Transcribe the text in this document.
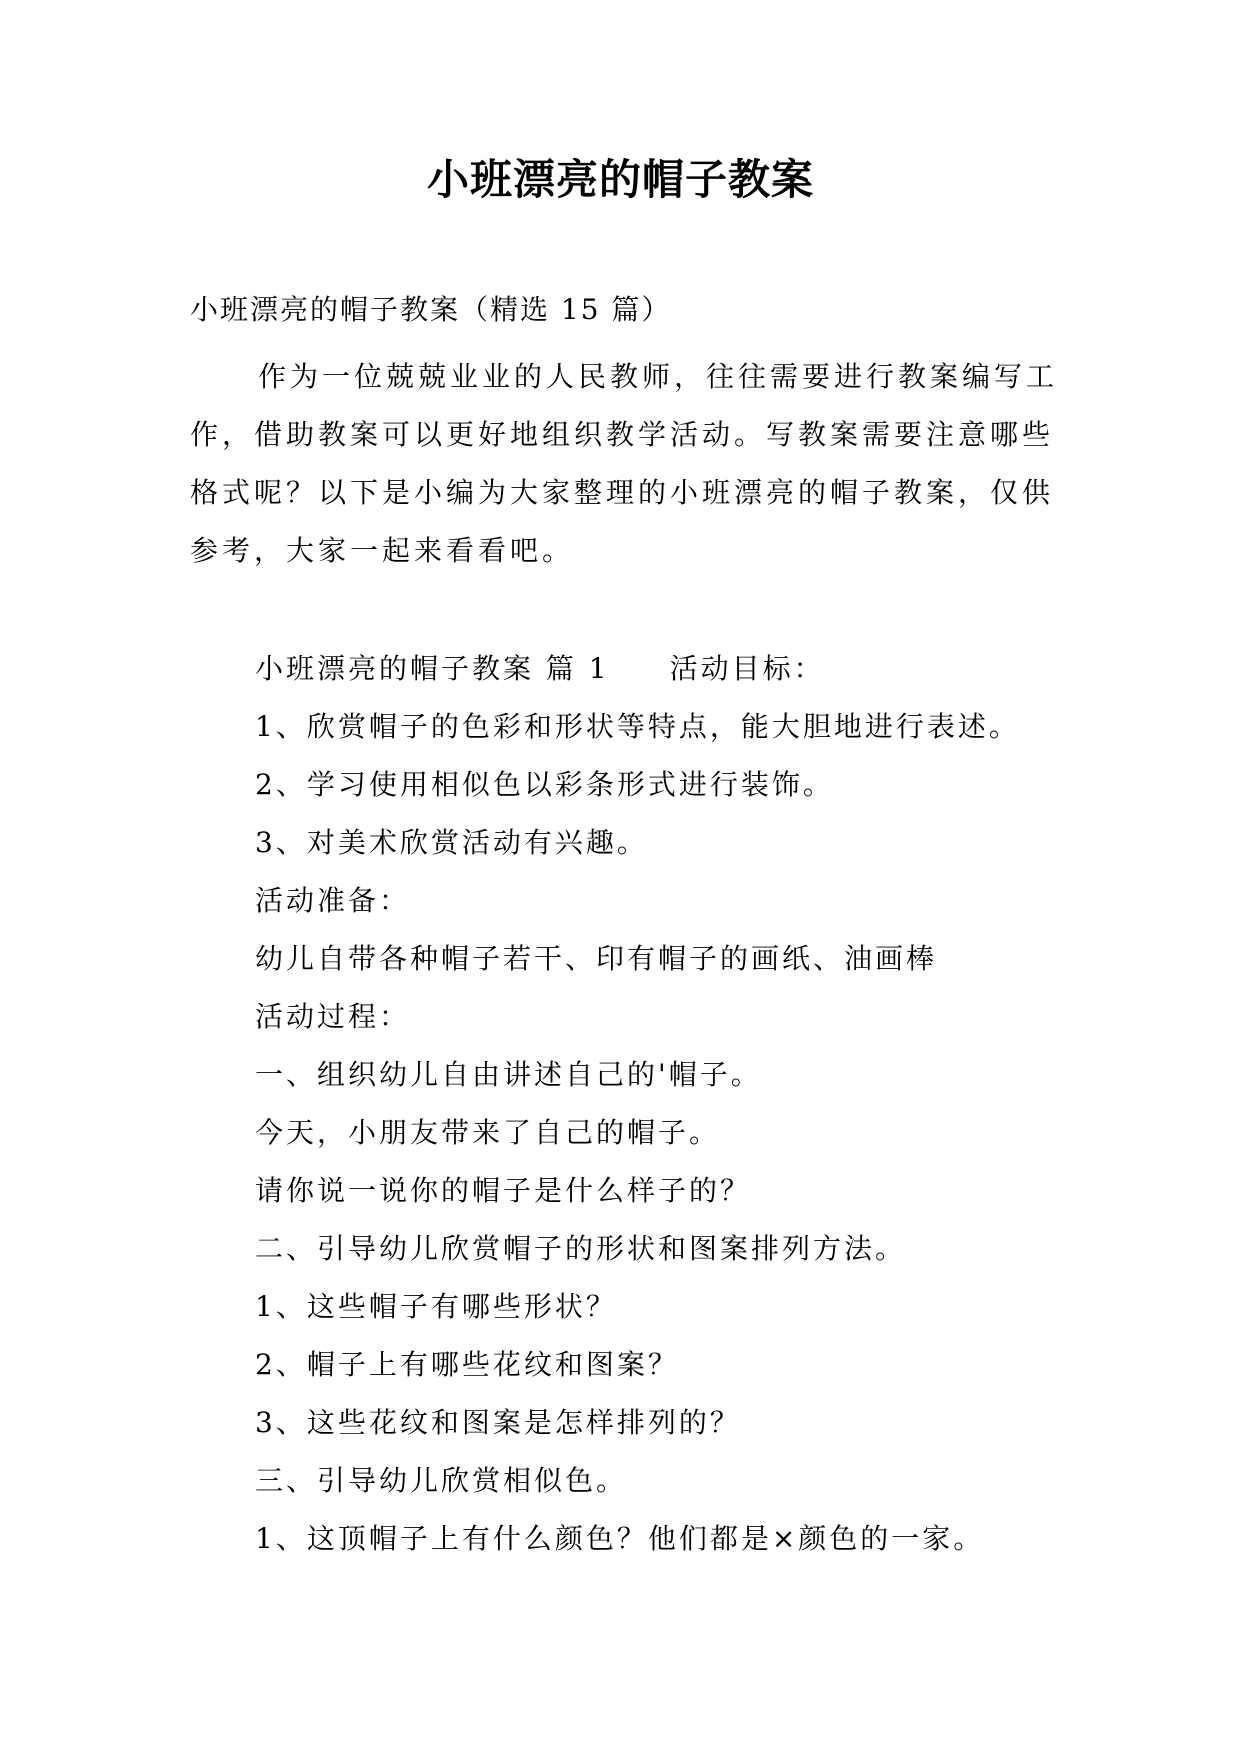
小班漂亮的帽子教案
小班漂亮的帽子教案（精选 15 篇）

作为一位兢兢业业的人民教师，往往需要进行教案编写工作，借助教案可以更好地组织教学活动。写教案需要注意哪些格式呢？以下是小编为大家整理的小班漂亮的帽子教案，仅供参考，大家一起来看看吧。

小班漂亮的帽子教案 篇 1 活动目标：
1、欣赏帽子的色彩和形状等特点，能大胆地进行表述。
2、学习使用相似色以彩条形式进行装饰。
3、对美术欣赏活动有兴趣。
活动准备：
幼儿自带各种帽子若干、印有帽子的画纸、油画棒
活动过程：
一、组织幼儿自由讲述自己的'帽子。
今天，小朋友带来了自己的帽子。
请你说一说你的帽子是什么样子的？
二、引导幼儿欣赏帽子的形状和图案排列方法。
1、这些帽子有哪些形状？
2、帽子上有哪些花纹和图案？
3、这些花纹和图案是怎样排列的？
三、引导幼儿欣赏相似色。
1、这顶帽子上有什么颜色？他们都是×颜色的一家。
